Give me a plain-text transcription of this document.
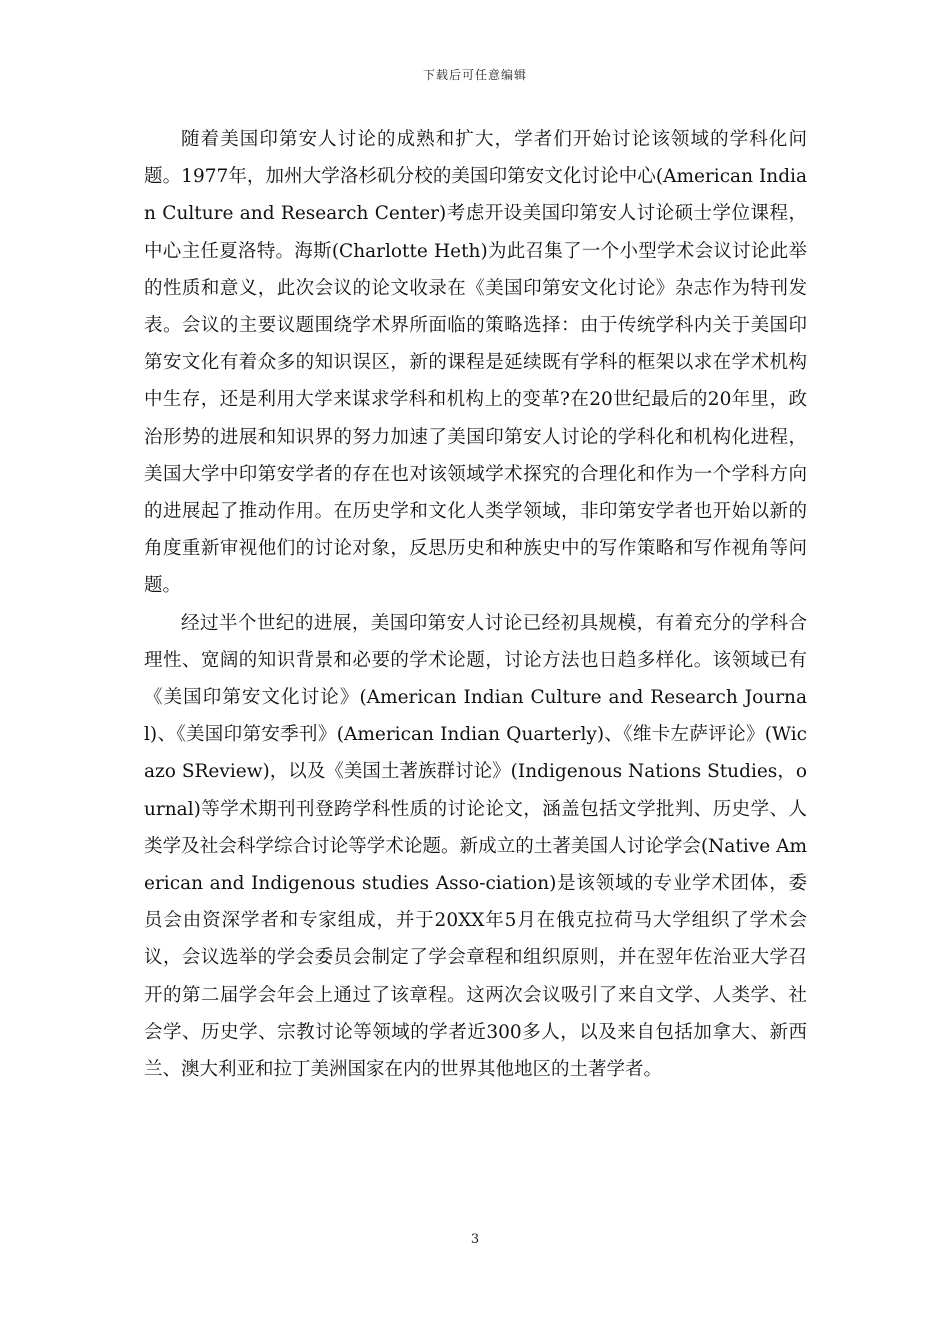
下载后可任意编辑

随着美国印第安人讨论的成熟和扩大，学者们开始讨论该领域的学科化问题。1977年，加州大学洛杉矶分校的美国印第安文化讨论中心(American Indian Culture and Research Center)考虑开设美国印第安人讨论硕士学位课程，中心主任夏洛特。海斯(Charlotte Heth)为此召集了一个小型学术会议讨论此举的性质和意义，此次会议的论文收录在《美国印第安文化讨论》杂志作为特刊发表。会议的主要议题围绕学术界所面临的策略选择：由于传统学科内关于美国印第安文化有着众多的知识误区，新的课程是延续既有学科的框架以求在学术机构中生存，还是利用大学来谋求学科和机构上的变革?在20世纪最后的20年里，政治形势的进展和知识界的努力加速了美国印第安人讨论的学科化和机构化进程，美国大学中印第安学者的存在也对该领域学术探究的合理化和作为一个学科方向的进展起了推动作用。在历史学和文化人类学领域，非印第安学者也开始以新的角度重新审视他们的讨论对象，反思历史和种族史中的写作策略和写作视角等问题。

经过半个世纪的进展，美国印第安人讨论已经初具规模，有着充分的学科合理性、宽阔的知识背景和必要的学术论题，讨论方法也日趋多样化。该领域已有《美国印第安文化讨论》(American Indian Culture and Research Journal)、《美国印第安季刊》(American Indian Quarterly)、《维卡左萨评论》(Wicazo SReview)，以及《美国土著族群讨论》(Indigenous Nations Studies，ournal)等学术期刊刊登跨学科性质的讨论论文，涵盖包括文学批判、历史学、人类学及社会科学综合讨论等学术论题。新成立的土著美国人讨论学会(Native American and Indigenous studies Asso-ciation)是该领域的专业学术团体，委员会由资深学者和专家组成，并于20XX年5月在俄克拉荷马大学组织了学术会议，会议选举的学会委员会制定了学会章程和组织原则，并在翌年佐治亚大学召开的第二届学会年会上通过了该章程。这两次会议吸引了来自文学、人类学、社会学、历史学、宗教讨论等领域的学者近300多人，以及来自包括加拿大、新西兰、澳大利亚和拉丁美洲国家在内的世界其他地区的土著学者。

3
